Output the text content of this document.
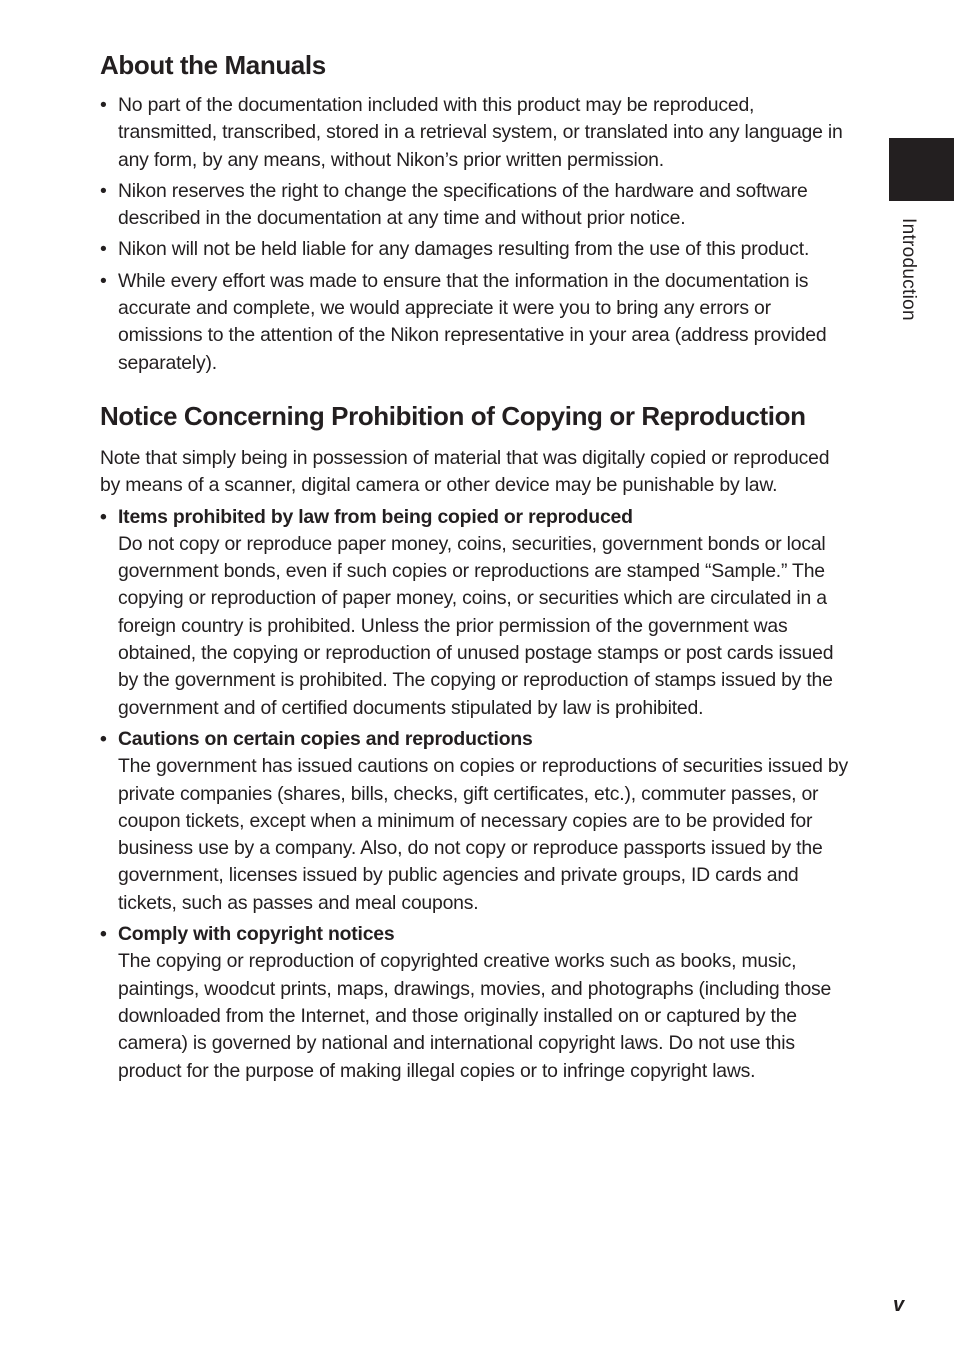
About the Manuals
• No part of the documentation included with this product may be reproduced, transmitted, transcribed, stored in a retrieval system, or translated into any language in any form, by any means, without Nikon’s prior written permission.
• Nikon reserves the right to change the specifications of the hardware and software described in the documentation at any time and without prior notice.
• Nikon will not be held liable for any damages resulting from the use of this product.
• While every effort was made to ensure that the information in the documentation is accurate and complete, we would appreciate it were you to bring any errors or omissions to the attention of the Nikon representative in your area (address provided separately).
Notice Concerning Prohibition of Copying or Reproduction

Note that simply being in possession of material that was digitally copied or reproduced by means of a scanner, digital camera or other device may be punishable by law.

• Items prohibited by law from being copied or reproduced
Do not copy or reproduce paper money, coins, securities, government bonds or local government bonds, even if such copies or reproductions are stamped “Sample.” The copying or reproduction of paper money, coins, or securities which are circulated in a foreign country is prohibited. Unless the prior permission of the government was obtained, the copying or reproduction of unused postage stamps or post cards issued by the government is prohibited. The copying or reproduction of stamps issued by the government and of certified documents stipulated by law is prohibited.
• Cautions on certain copies and reproductions
The government has issued cautions on copies or reproductions of securities issued by private companies (shares, bills, checks, gift certificates, etc.), commuter passes, or coupon tickets, except when a minimum of necessary copies are to be provided for business use by a company. Also, do not copy or reproduce passports issued by the government, licenses issued by public agencies and private groups, ID cards and tickets, such as passes and meal coupons.
• Comply with copyright notices
The copying or reproduction of copyrighted creative works such as books, music, paintings, woodcut prints, maps, drawings, movies, and photographs (including those downloaded from the Internet, and those originally installed on or captured by the camera) is governed by national and international copyright laws. Do not use this product for the purpose of making illegal copies or to infringe copyright laws.
Introduction
v
